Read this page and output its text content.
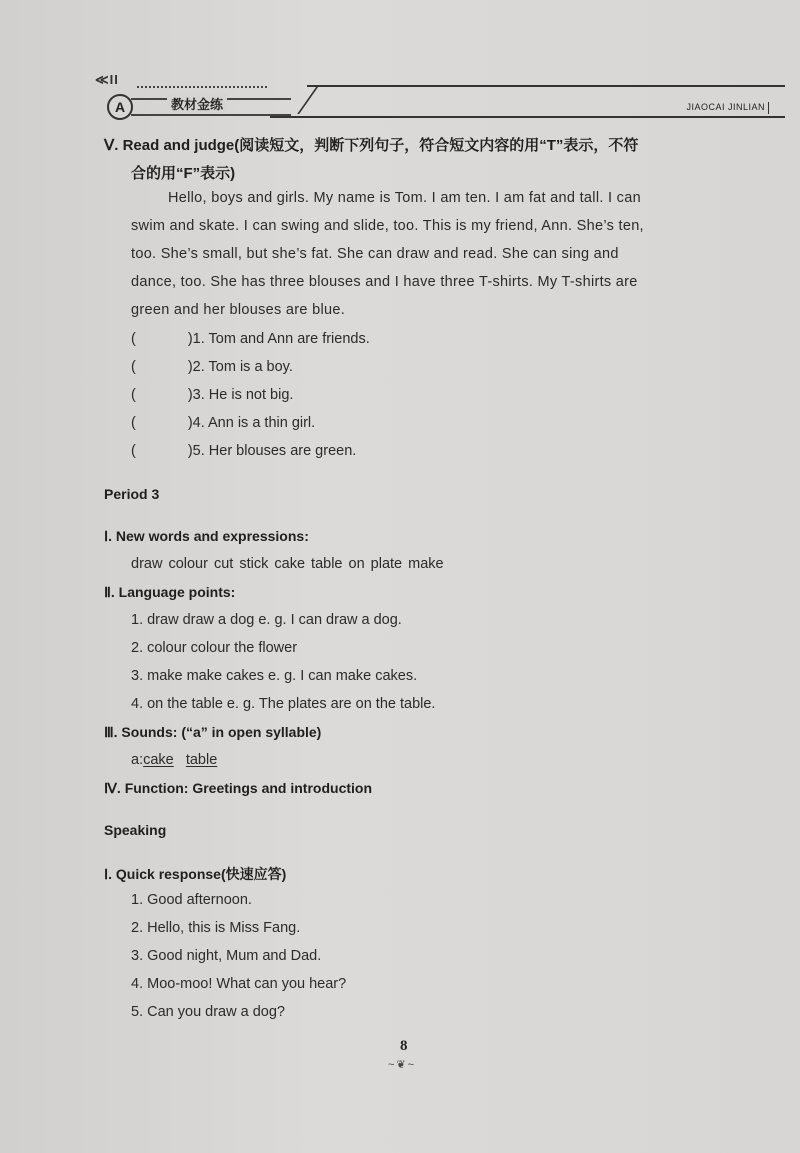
≪II
A	教材金练	JIAOCAI JINLIAN
Ⅴ. Read and judge(阅读短文，判断下列句子，符合短文内容的用“T”表示，不符
合的用“F”表示)
Hello, boys and girls. My name is Tom. I am ten. I am fat and tall. I can
swim and skate. I can swing and slide, too. This is my friend, Ann. She’s ten,
too. She’s small, but she’s fat. She can draw and read. She can sing and
dance, too. She has three blouses and I have three T-shirts. My T-shirts are
green and her blouses are blue.
(	)1. Tom and Ann are friends.
(	)2. Tom is a boy.
(	)3. He is not big.
(	)4. Ann is a thin girl.
(	)5. Her blouses are green.
Period 3
Ⅰ. New words and expressions:
draw colour cut stick cake table on plate make
Ⅱ. Language points:
1. draw draw a dog e. g. I can draw a dog.
2. colour colour the flower
3. make make cakes e. g. I can make cakes.
4. on the table e. g. The plates are on the table.
Ⅲ. Sounds: (“a” in open syllable)
a:cake table
Ⅳ. Function: Greetings and introduction
Speaking
Ⅰ. Quick response(快速应答)
1. Good afternoon.
2. Hello, this is Miss Fang.
3. Good night, Mum and Dad.
4. Moo-moo! What can you hear?
5. Can you draw a dog?
8
~❦~
